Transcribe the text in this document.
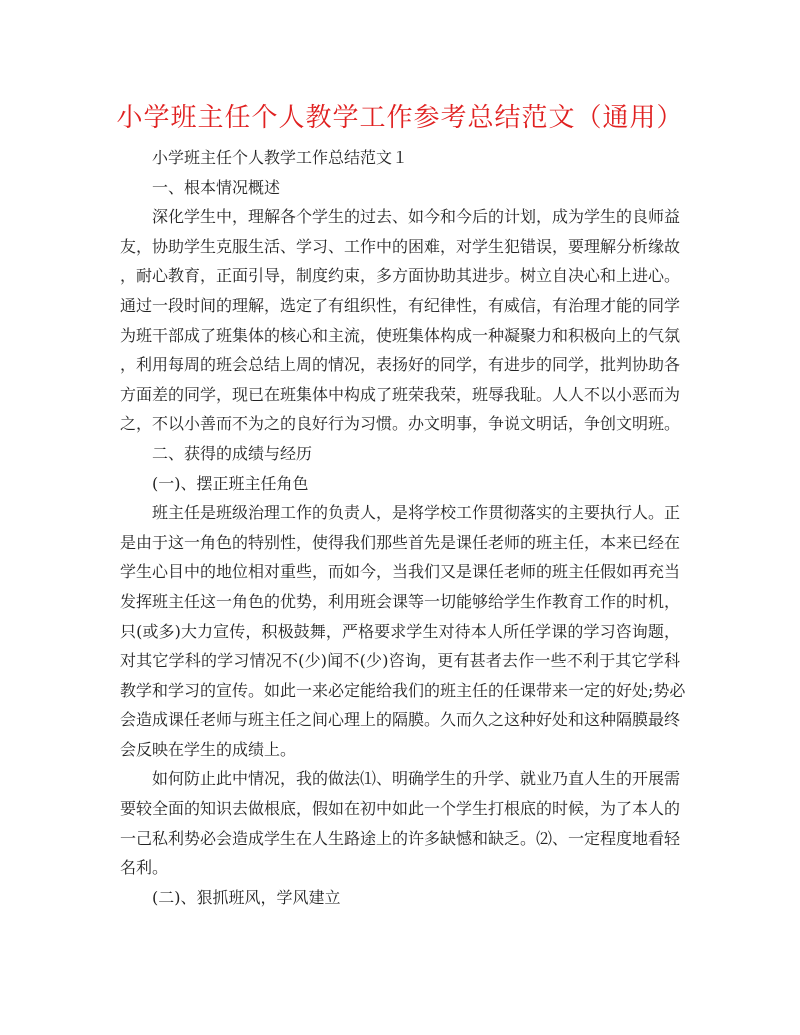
小学班主任个人教学工作参考总结范文（通用）
小学班主任个人教学工作总结范文１
一、根本情况概述
深化学生中，理解各个学生的过去、如今和今后的计划，成为学生的良师益
友，协助学生克服生活、学习、工作中的困难，对学生犯错误，要理解分析缘故
，耐心教育，正面引导，制度约束，多方面协助其进步。树立自决心和上进心。
通过一段时间的理解，选定了有组织性，有纪律性，有威信，有治理才能的同学
为班干部成了班集体的核心和主流，使班集体构成一种凝聚力和积极向上的气氛
，利用每周的班会总结上周的情况，表扬好的同学，有进步的同学，批判协助各
方面差的同学，现已在班集体中构成了班荣我荣，班辱我耻。人人不以小恶而为
之，不以小善而不为之的良好行为习惯。办文明事，争说文明话，争创文明班。
二、获得的成绩与经历
(一)、摆正班主任角色
班主任是班级治理工作的负责人，是将学校工作贯彻落实的主要执行人。正
是由于这一角色的特别性，使得我们那些首先是课任老师的班主任，本来已经在
学生心目中的地位相对重些，而如今，当我们又是课任老师的班主任假如再充当
发挥班主任这一角色的优势，利用班会课等一切能够给学生作教育工作的时机，
只(或多)大力宣传，积极鼓舞，严格要求学生对待本人所任学课的学习咨询题，
对其它学科的学习情况不(少)闻不(少)咨询，更有甚者去作一些不利于其它学科
教学和学习的宣传。如此一来必定能给我们的班主任的任课带来一定的好处;势必
会造成课任老师与班主任之间心理上的隔膜。久而久之这种好处和这种隔膜最终
会反映在学生的成绩上。
如何防止此中情况，我的做法⑴、明确学生的升学、就业乃直人生的开展需
要较全面的知识去做根底，假如在初中如此一个学生打根底的时候，为了本人的
一己私利势必会造成学生在人生路途上的许多缺憾和缺乏。⑵、一定程度地看轻
名利。
(二)、狠抓班风，学风建立
